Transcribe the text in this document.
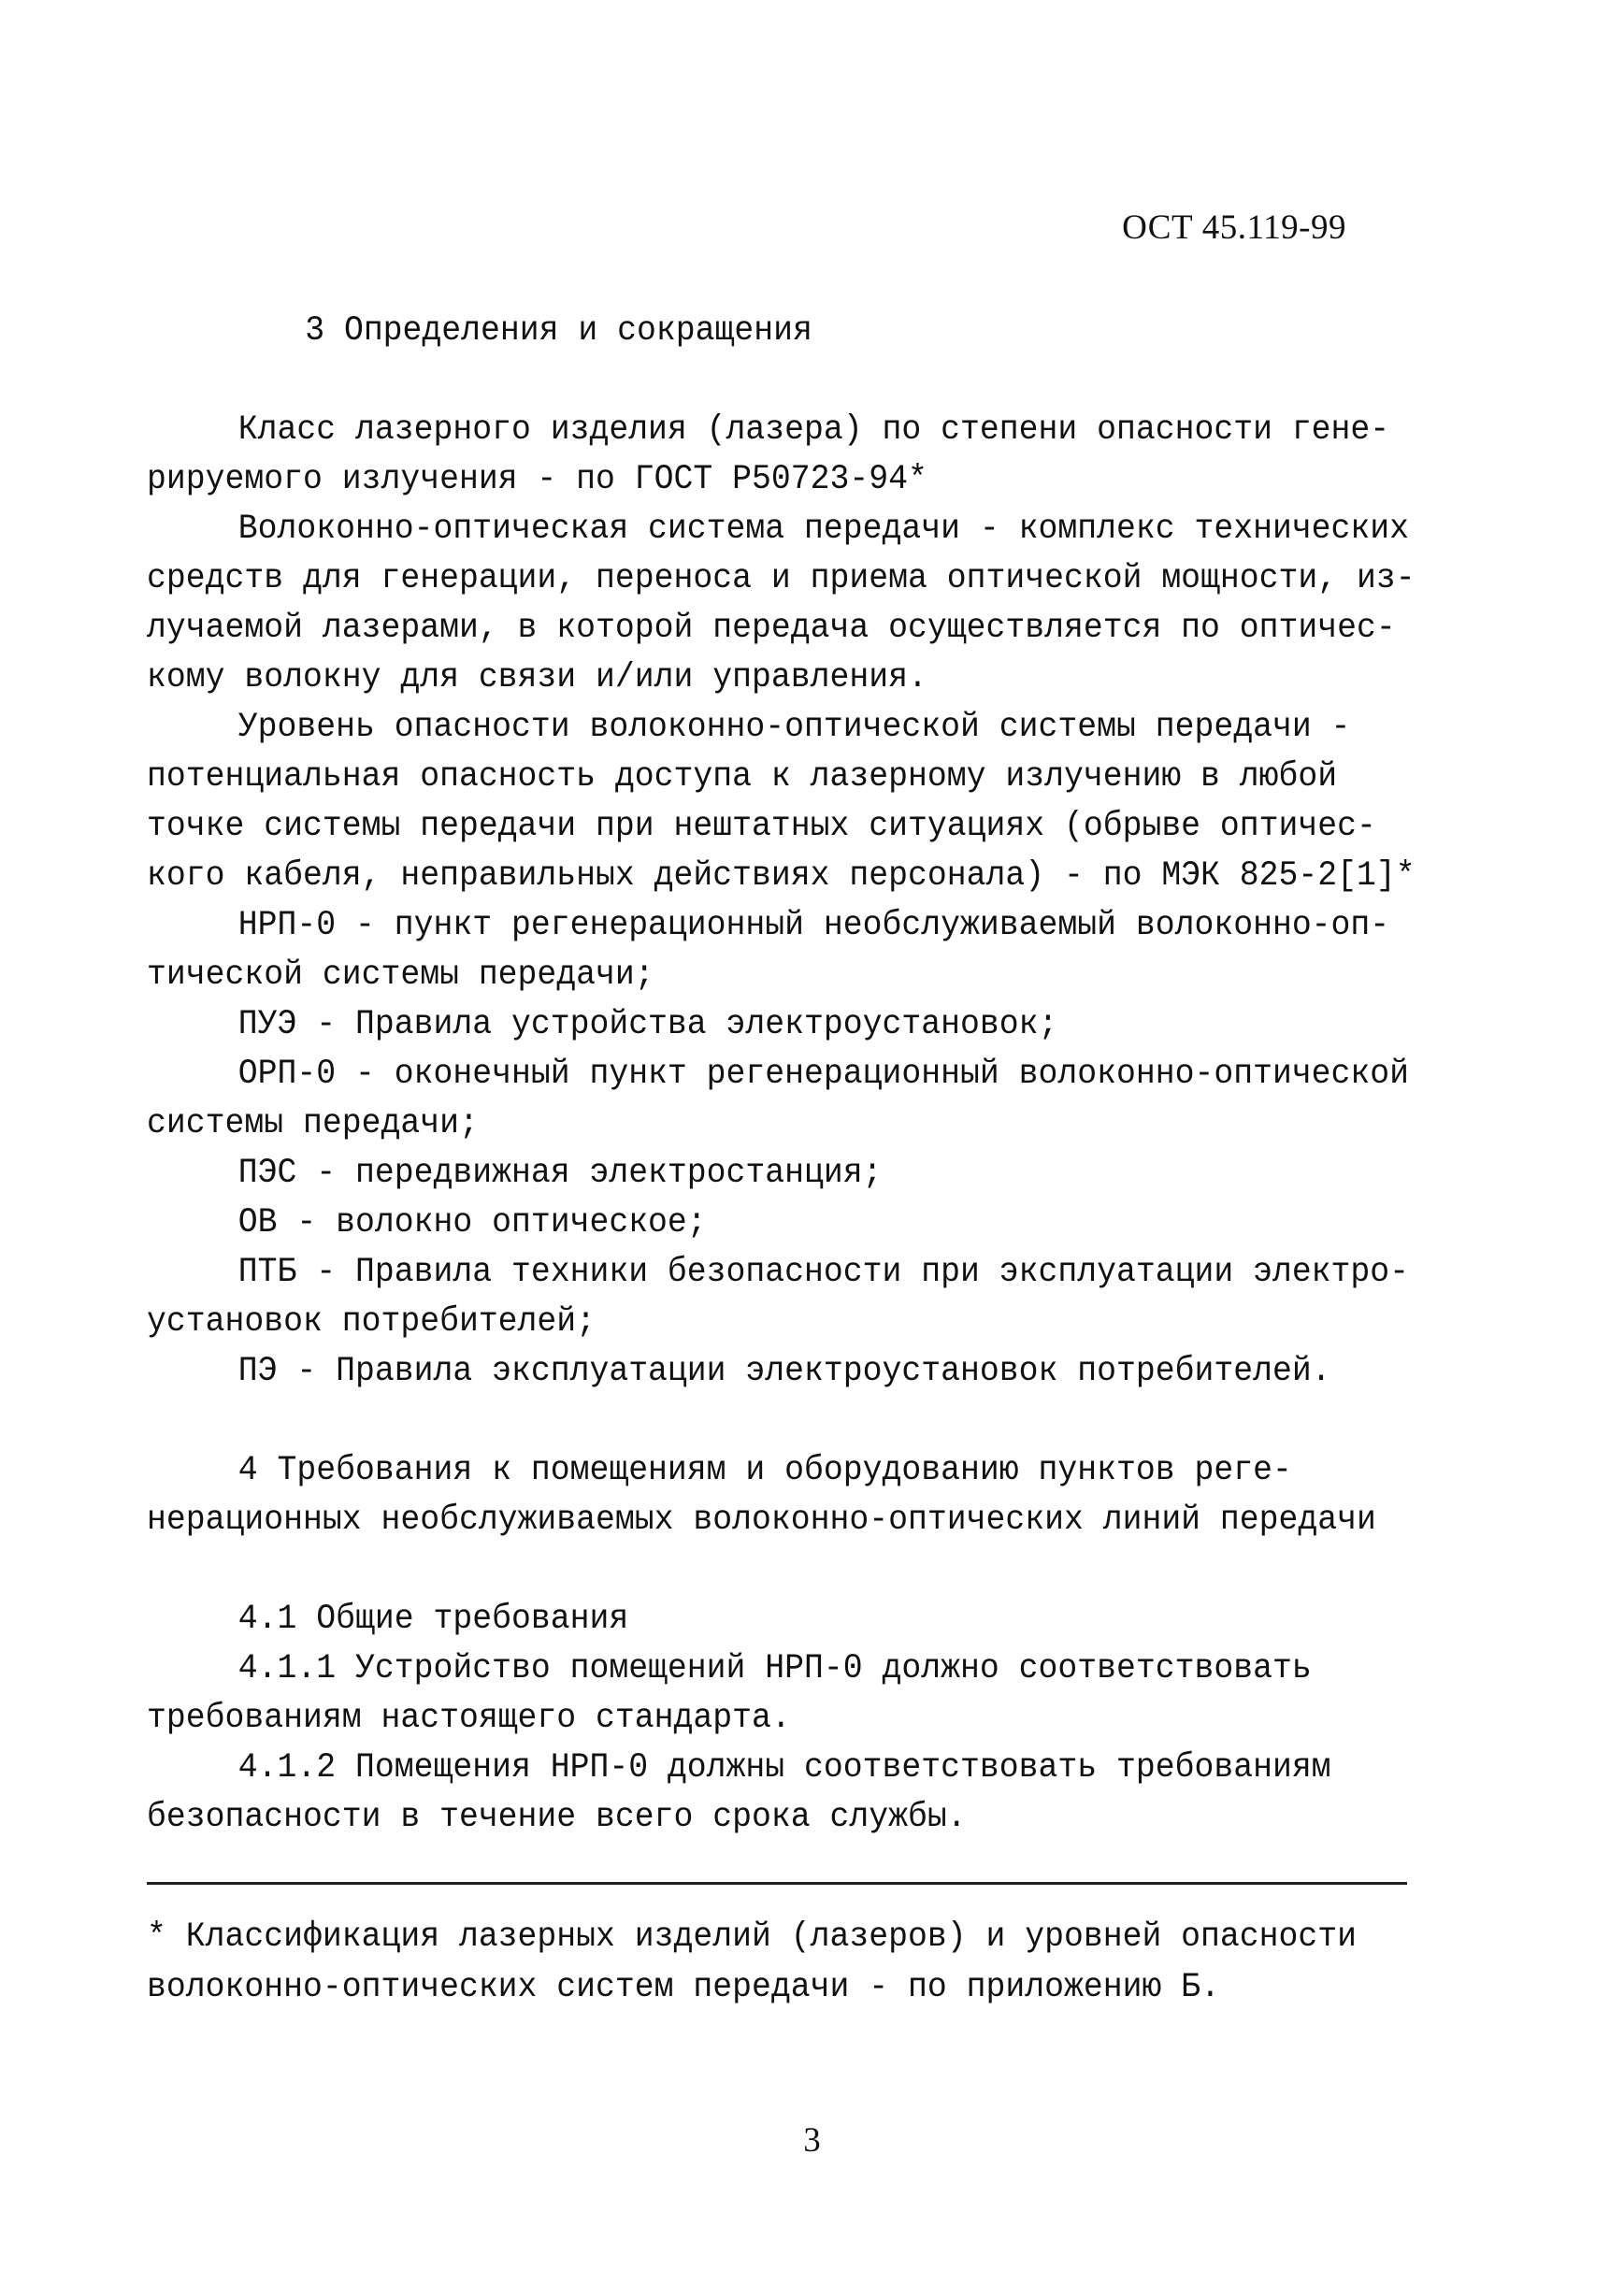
ОСТ 45.119-99

3 Определения и сокращения

Класс лазерного изделия (лазера) по степени опасности гене-

рируемого излучения - по ГОСТ Р50723-94*

Волоконно-оптическая система передачи - комплекс технических

средств для генерации, переноса и приема оптической мощности, из-

лучаемой лазерами, в которой передача осуществляется по оптичес-

кому волокну для связи и/или управления.

Уровень опасности волоконно-оптической системы передачи -

потенциальная опасность доступа к лазерному излучению в любой

точке системы передачи при нештатных ситуациях (обрыве оптичес-

кого кабеля, неправильных действиях персонала) - по МЭК 825-2[1]*

НРП-0 - пункт регенерационный необслуживаемый волоконно-оп-

тической системы передачи;

ПУЭ - Правила устройства электроустановок;

ОРП-0 - оконечный пункт регенерационный волоконно-оптической

системы передачи;

ПЭС - передвижная электростанция;

ОВ - волокно оптическое;

ПТБ - Правила техники безопасности при эксплуатации электро-

установок потребителей;

ПЭ - Правила эксплуатации электроустановок потребителей.

4 Требования к помещениям и оборудованию пунктов реге-

нерационных необслуживаемых волоконно-оптических линий передачи

4.1 Общие требования

4.1.1 Устройство помещений НРП-0 должно соответствовать

требованиям настоящего стандарта.

4.1.2 Помещения НРП-0 должны соответствовать требованиям

безопасности в течение всего срока службы.

* Классификация лазерных изделий (лазеров) и уровней опасности

волоконно-оптических систем передачи - по приложению Б.

3
